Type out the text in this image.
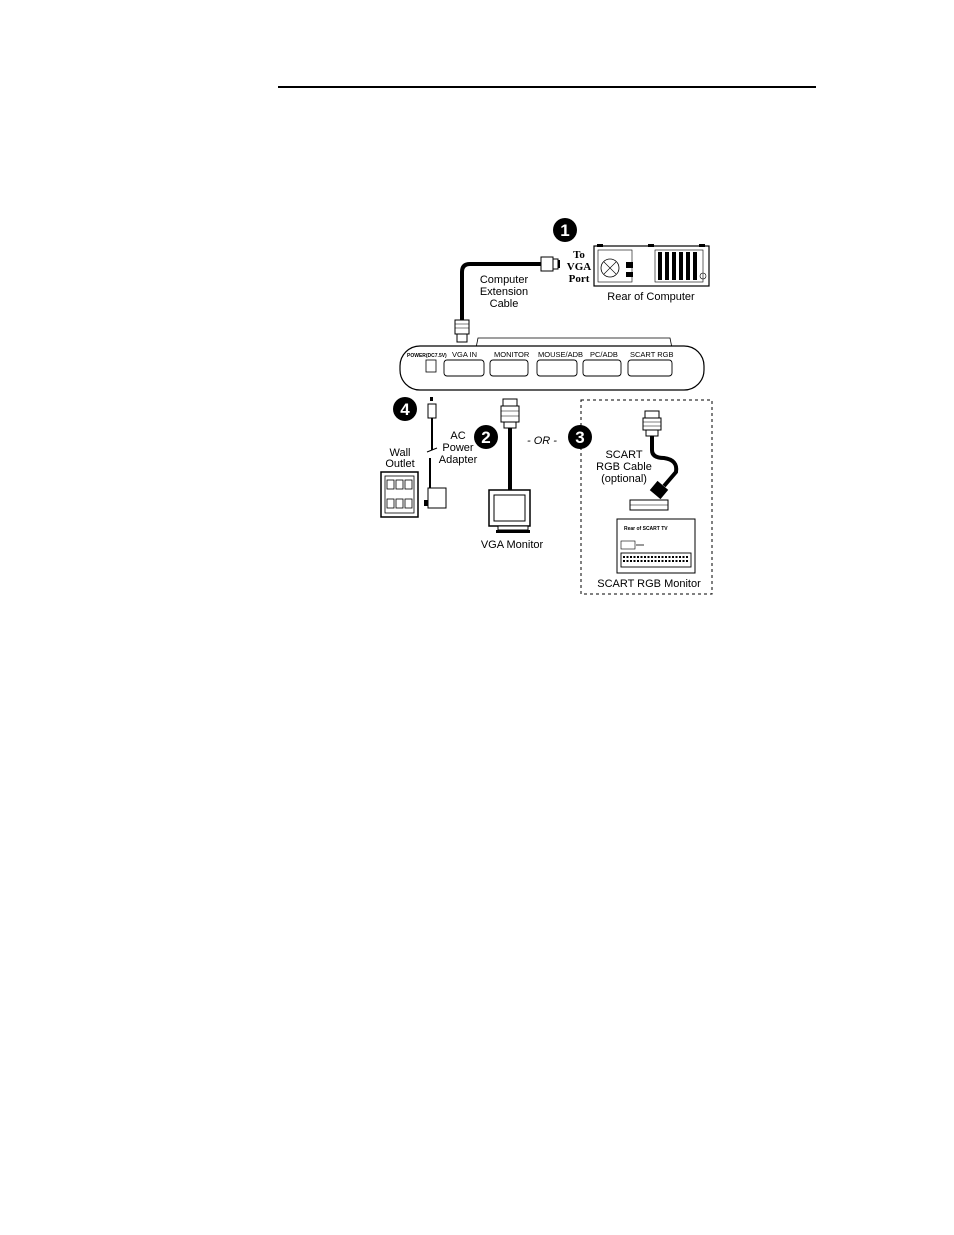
1
Rear of Computer
To
VGA
Port
Computer
Extension
Cable
POWER(DC7.5V) VGA IN MONITOR MOUSE/ADB PC/ADB SCART RGB
4
AC
Power
Adapter
Wall
Outlet
2
VGA Monitor
- OR - 3
SCART
RGB Cable
(optional)
Rear of SCART TV
SCART RGB Monitor
